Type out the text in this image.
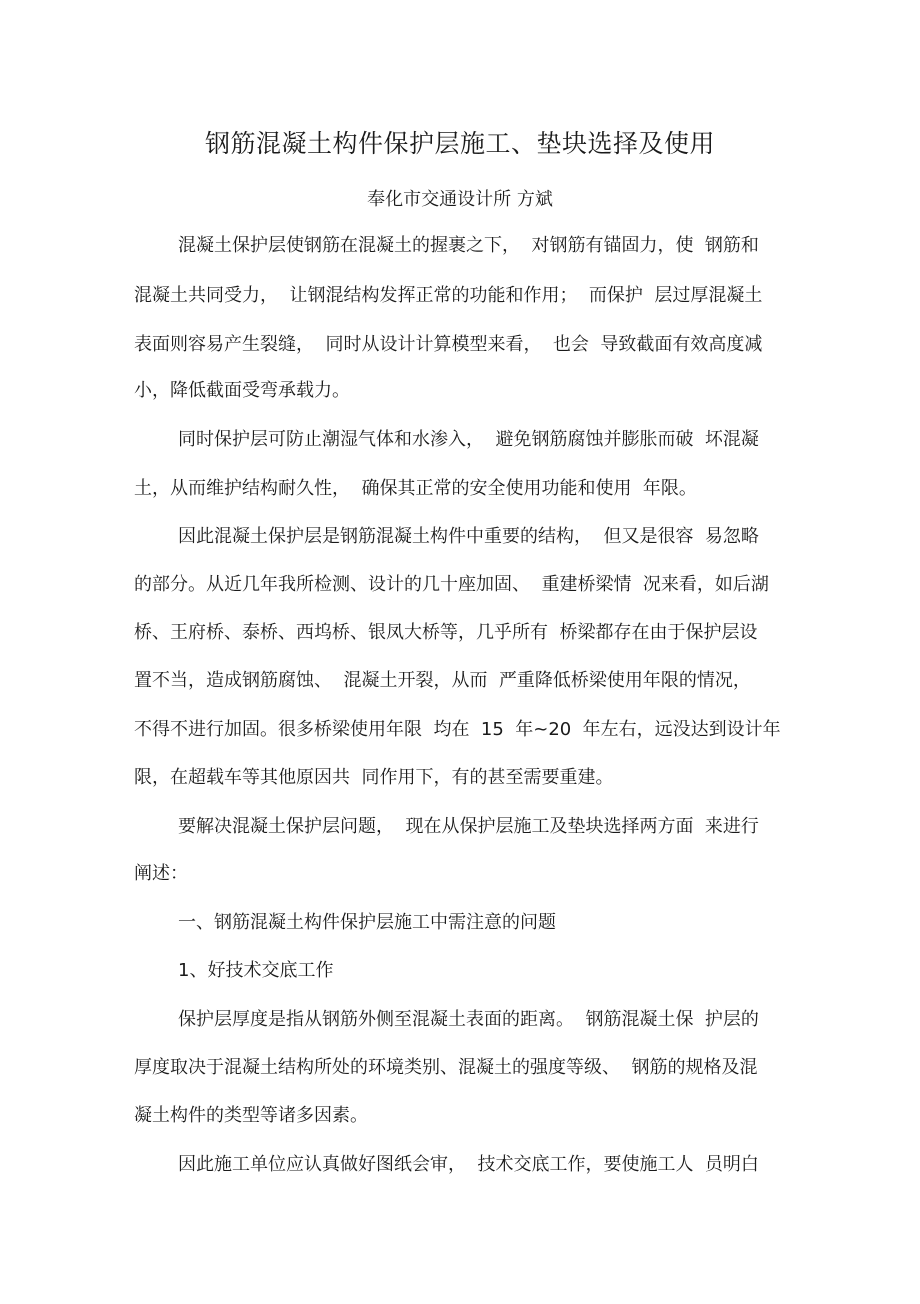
钢筋混凝土构件保护层施工、垫块选择及使用

奉化市交通设计所 方斌

混凝土保护层使钢筋在混凝土的握裹之下，  对钢筋有锚固力，使  钢筋和

混凝土共同受力，  让钢混结构发挥正常的功能和作用；  而保护  层过厚混凝土

表面则容易产生裂缝，  同时从设计计算模型来看，  也会  导致截面有效高度减

小，降低截面受弯承载力。

同时保护层可防止潮湿气体和水渗入，  避免钢筋腐蚀并膨胀而破  坏混凝

土，从而维护结构耐久性，  确保其正常的安全使用功能和使用  年限。

因此混凝土保护层是钢筋混凝土构件中重要的结构，  但又是很容  易忽略

的部分。从近几年我所检测、设计的几十座加固、  重建桥梁情  况来看，如后湖

桥、王府桥、泰桥、西坞桥、银凤大桥等，几乎所有  桥梁都存在由于保护层设

置不当，造成钢筋腐蚀、  混凝土开裂，从而  严重降低桥梁使用年限的情况，

不得不进行加固。很多桥梁使用年限  均在  15  年~20  年左右，远没达到设计年

限，在超载车等其他原因共  同作用下，有的甚至需要重建。

要解决混凝土保护层问题，  现在从保护层施工及垫块选择两方面  来进行

阐述：

一、钢筋混凝土构件保护层施工中需注意的问题

1、好技术交底工作

保护层厚度是指从钢筋外侧至混凝土表面的距离。  钢筋混凝土保  护层的

厚度取决于混凝土结构所处的环境类别、混凝土的强度等级、  钢筋的规格及混

凝土构件的类型等诸多因素。

因此施工单位应认真做好图纸会审，  技术交底工作，要使施工人  员明白
